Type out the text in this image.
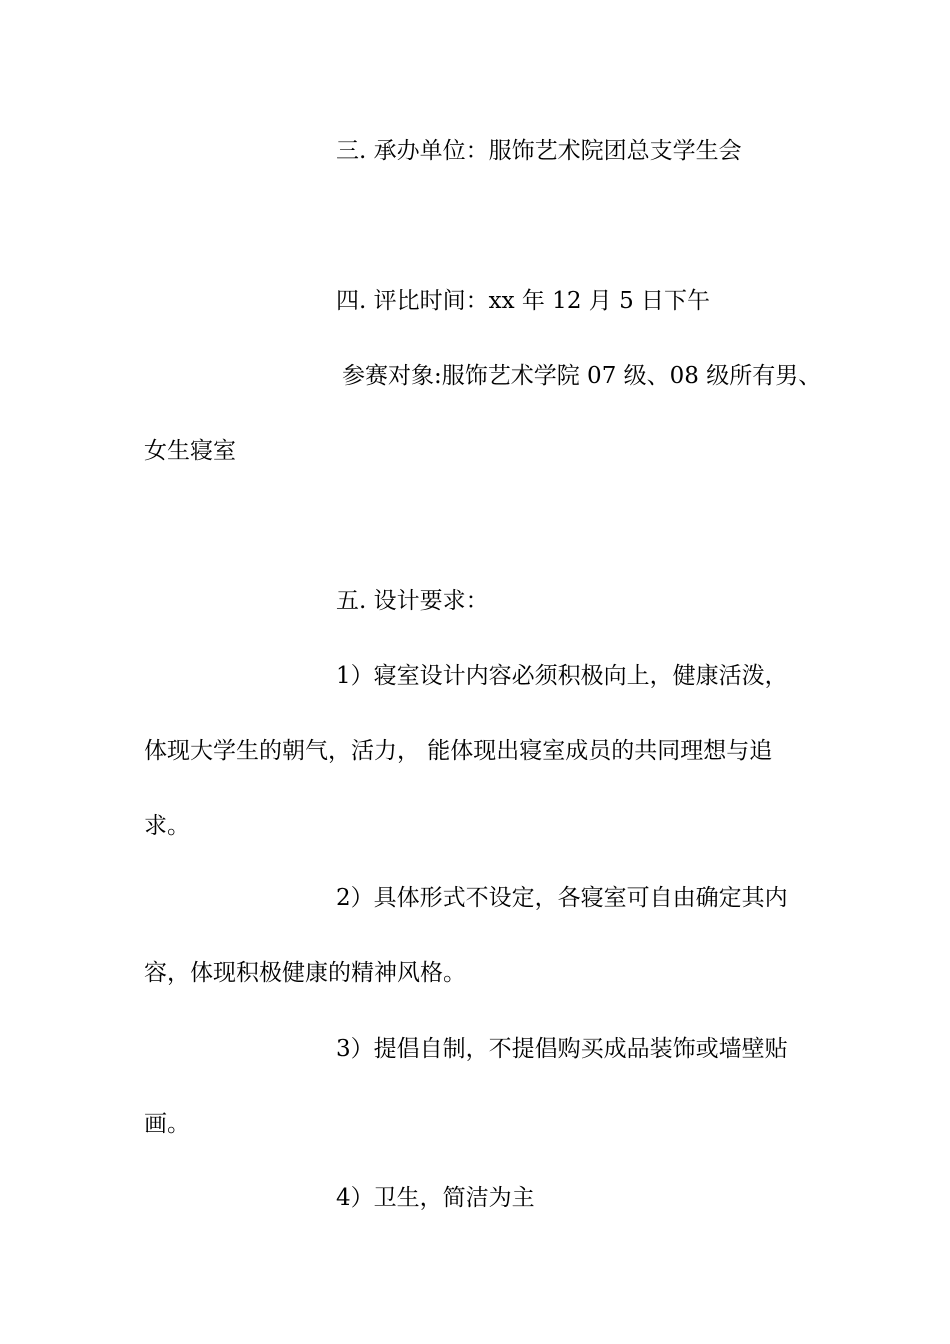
三. 承办单位：服饰艺术院团总支学生会

四. 评比时间：xx 年 12 月 5 日下午

参赛对象:服饰艺术学院 07 级、08 级所有男、

女生寝室

五. 设计要求：

1）寝室设计内容必须积极向上，健康活泼，

体现大学生的朝气，活力， 能体现出寝室成员的共同理想与追

求。

2）具体形式不设定，各寝室可自由确定其内

容，体现积极健康的精神风格。

3）提倡自制，不提倡购买成品装饰或墙壁贴

画。

4）卫生，简洁为主
